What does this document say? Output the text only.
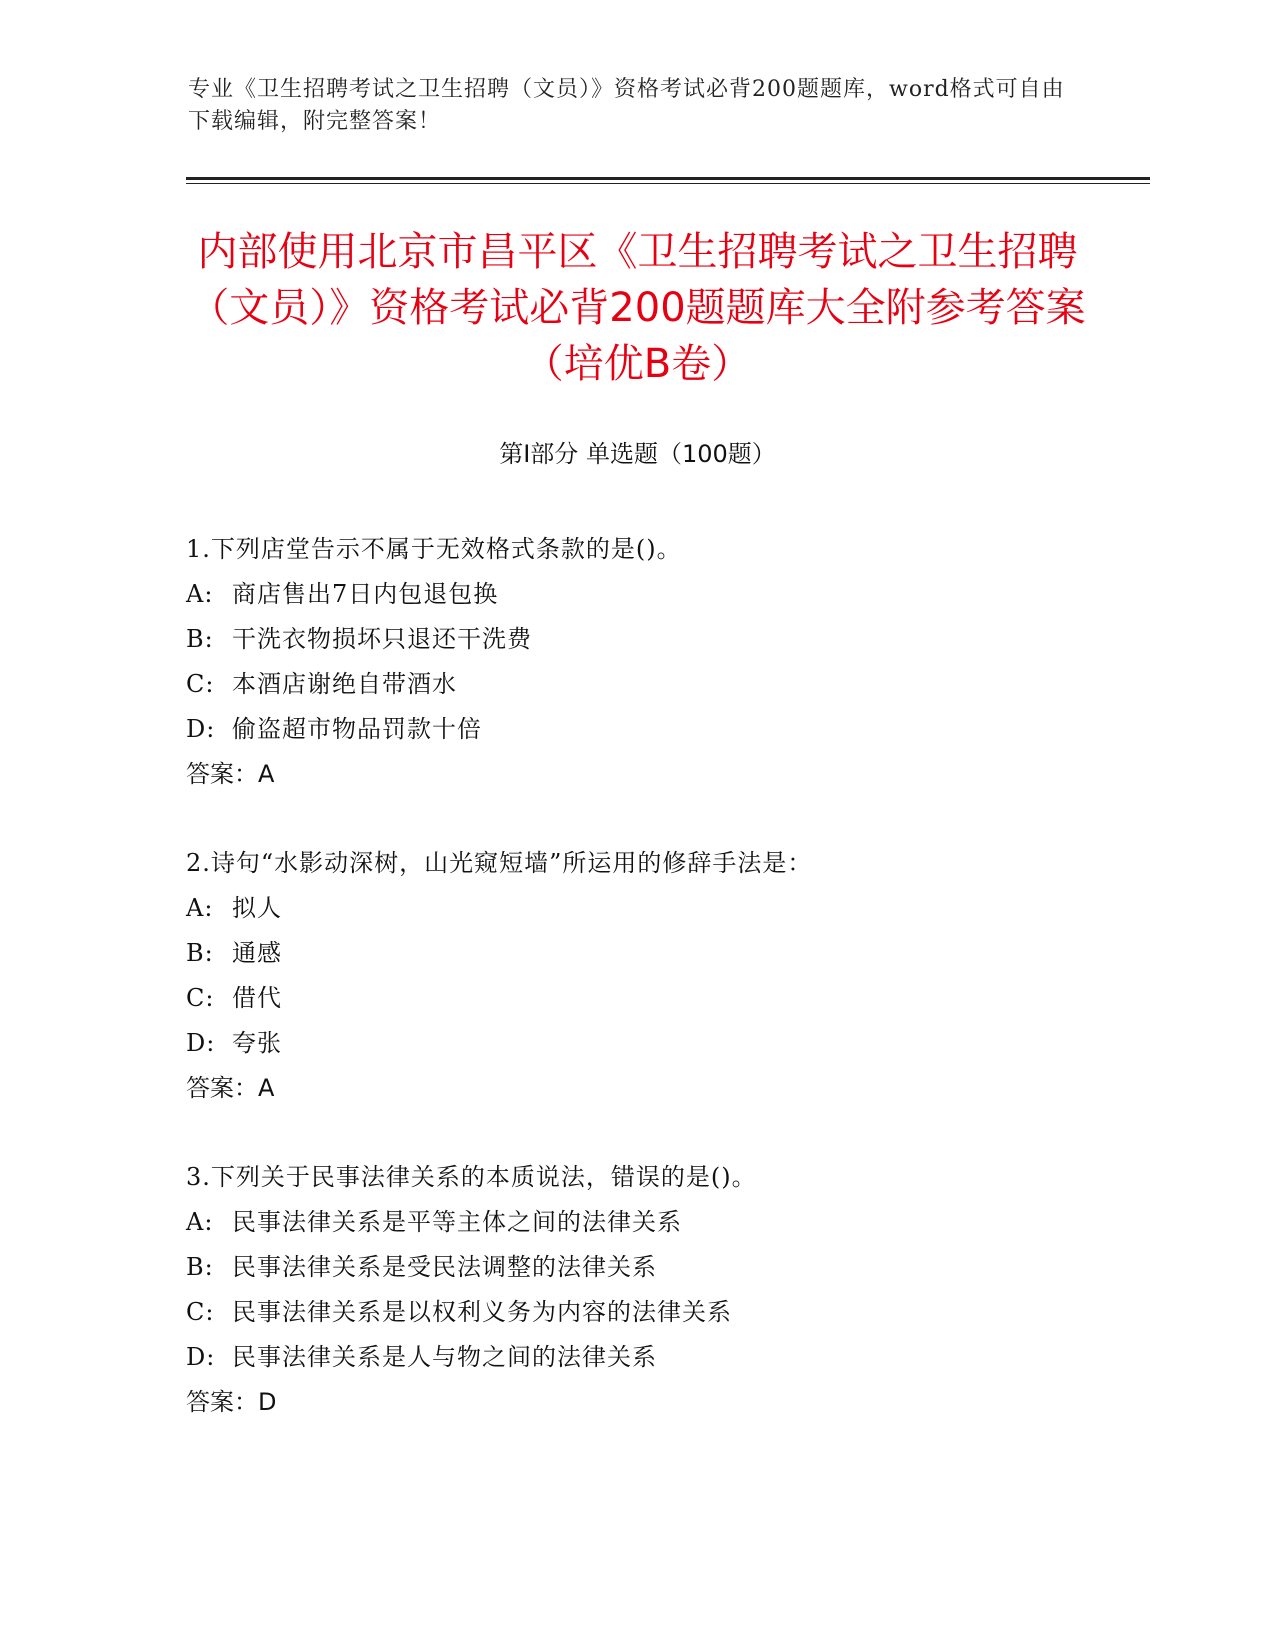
专业《卫生招聘考试之卫生招聘（文员）》资格考试必背200题题库，word格式可自由下载编辑，附完整答案！

内部使用北京市昌平区《卫生招聘考试之卫生招聘（文员）》资格考试必背200题题库大全附参考答案（培优B卷）
第Ⅰ部分 单选题（100题）
1.下列店堂告示不属于无效格式条款的是()。
A: 商店售出7日内包退包换
B: 干洗衣物损坏只退还干洗费
C: 本酒店谢绝自带酒水
D: 偷盗超市物品罚款十倍
答案：A
2.诗句“水影动深树，山光窥短墙”所运用的修辞手法是：
A: 拟人
B: 通感
C: 借代
D: 夸张
答案：A
3.下列关于民事法律关系的本质说法，错误的是()。
A: 民事法律关系是平等主体之间的法律关系
B: 民事法律关系是受民法调整的法律关系
C: 民事法律关系是以权利义务为内容的法律关系
D: 民事法律关系是人与物之间的法律关系
答案：D
